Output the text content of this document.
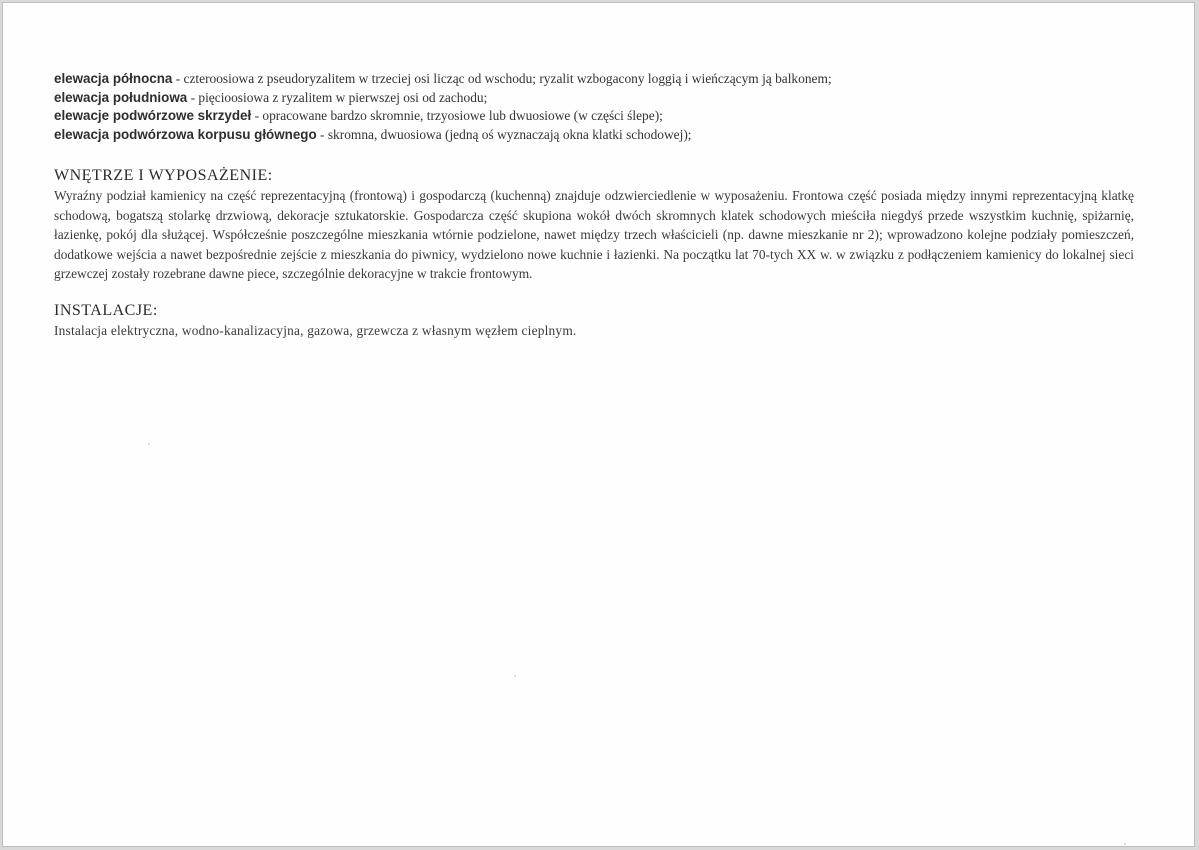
elewacja północna - czteroosiowa z pseudoryzalitem w trzeciej osi licząc od wschodu; ryzalit wzbogacony loggią i wieńczącym ją balkonem;
elewacja południowa - pięcioosiowa z ryzalitem w pierwszej osi od zachodu;
elewacje podwórzowe skrzydeł - opracowane bardzo skromnie, trzyosiowe lub dwuosiowe (w części ślepe);
elewacja podwórzowa korpusu głównego - skromna, dwuosiowa (jedną oś wyznaczają okna klatki schodowej);
WNĘTRZE I WYPOSAŻENIE:

Wyraźny podział kamienicy na część reprezentacyjną (frontową) i gospodarczą (kuchenną) znajduje odzwierciedlenie w wyposażeniu. Frontowa część posiada między innymi reprezentacyjną klatkę schodową, bogatszą stolarkę drzwiową, dekoracje sztukatorskie. Gospodarcza część skupiona wokół dwóch skromnych klatek schodowych mieściła niegdyś przede wszystkim kuchnię, spiżarnię, łazienkę, pokój dla służącej. Współcześnie poszczególne mieszkania wtórnie podzielone, nawet między trzech właścicieli (np. dawne mieszkanie nr 2); wprowadzono kolejne podziały pomieszczeń, dodatkowe wejścia a nawet bezpośrednie zejście z mieszkania do piwnicy, wydzielono nowe kuchnie i łazienki. Na początku lat 70-tych XX w. w związku z podłączeniem kamienicy do lokalnej sieci grzewczej zostały rozebrane dawne piece, szczególnie dekoracyjne w trakcie frontowym.

INSTALACJE:

Instalacja elektryczna, wodno-kanalizacyjna, gazowa, grzewcza z własnym węzłem cieplnym.
